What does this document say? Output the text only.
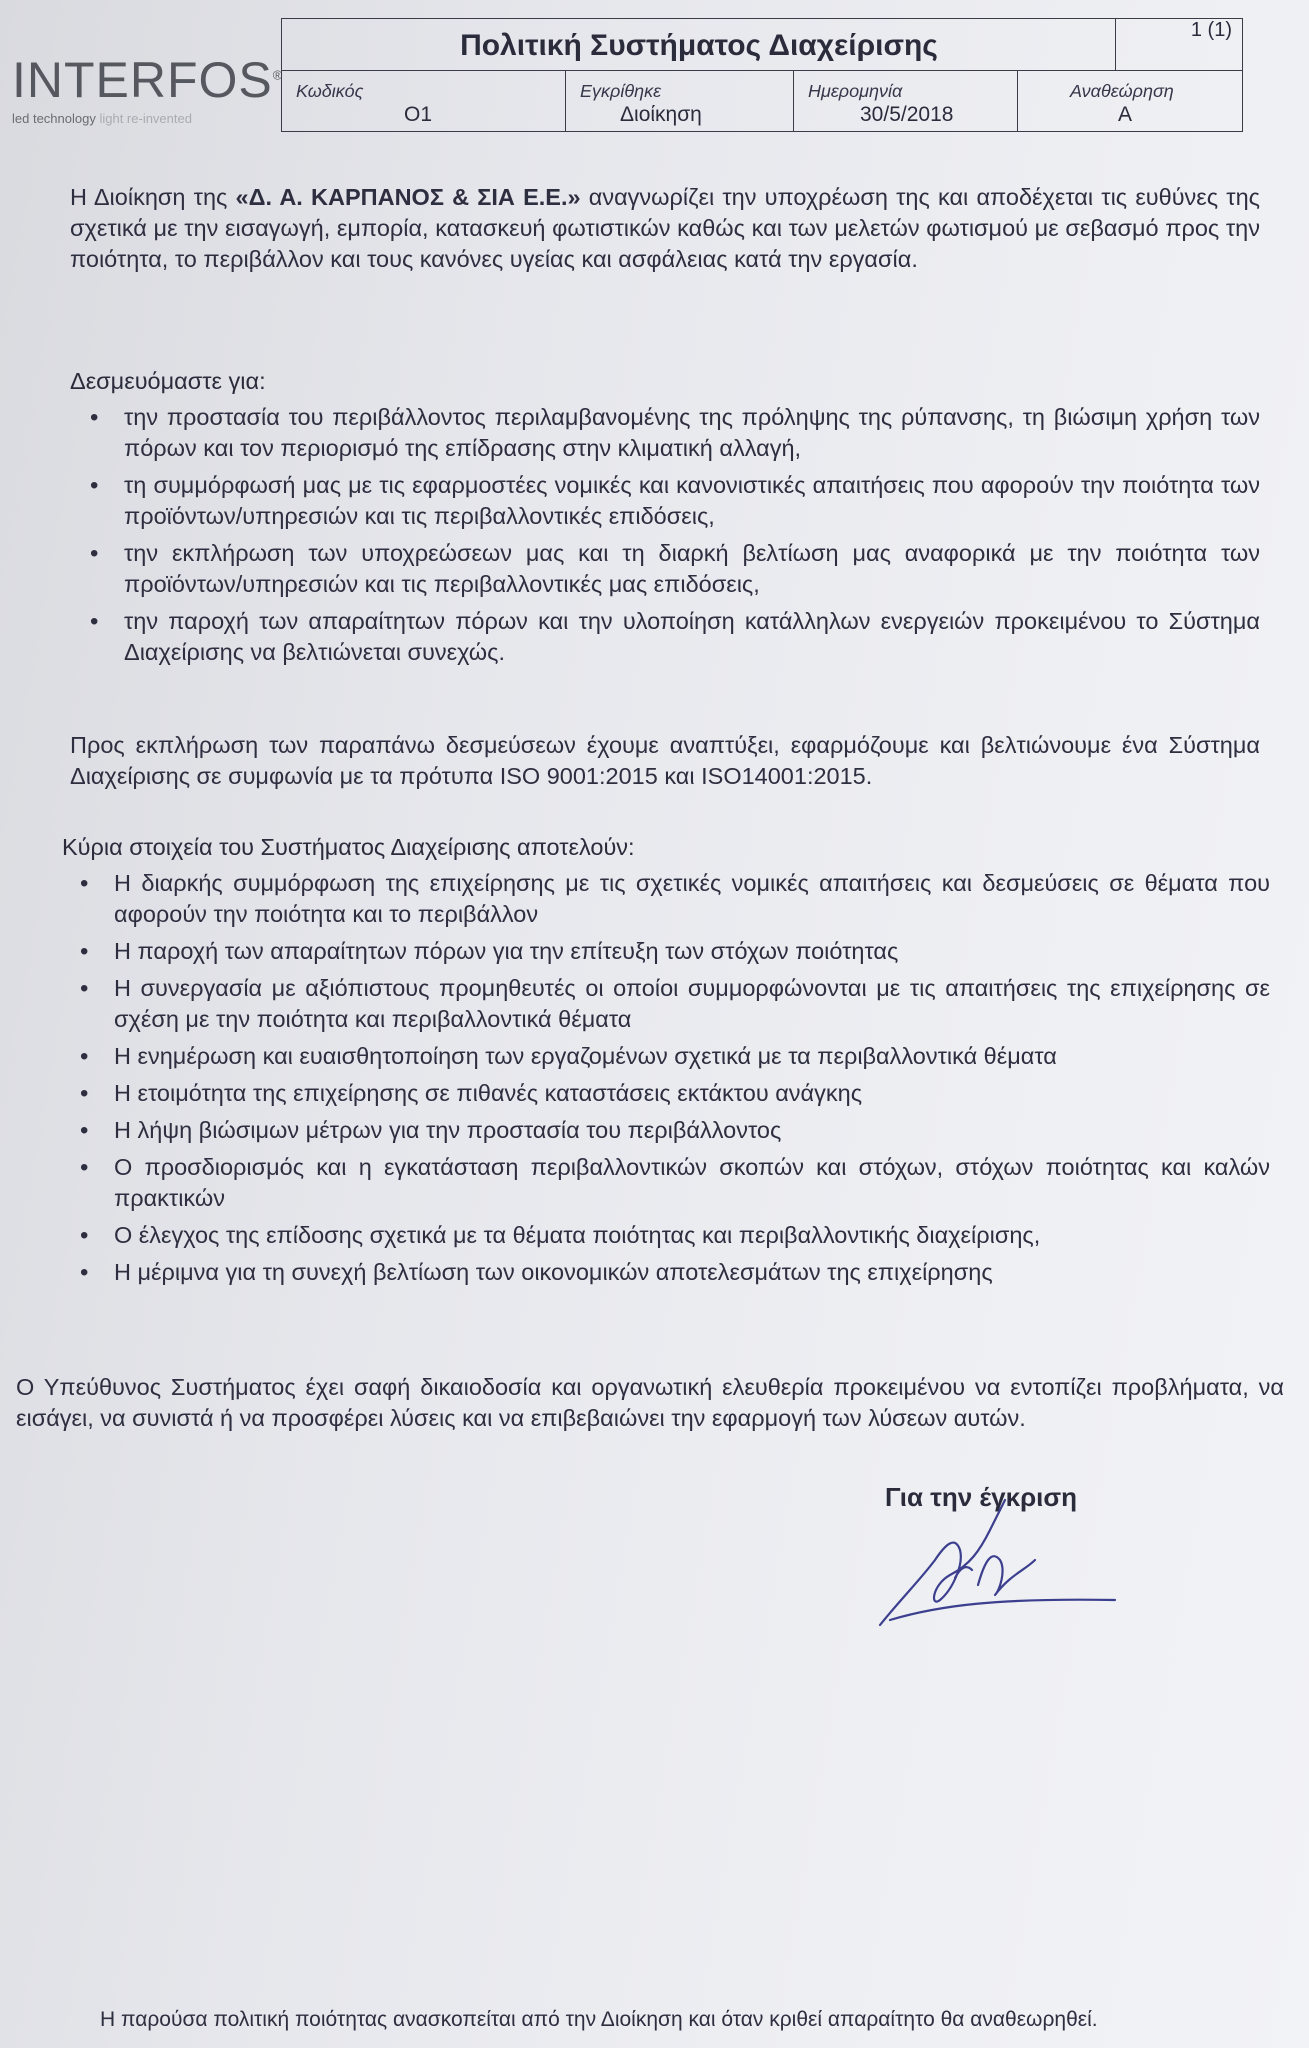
INTERFOS®
led technology light re-invented
Πολιτική Συστήματος Διαχείρισης	1 (1)
Κωδικός
Ο1
Εγκρίθηκε
Διοίκηση
Ημερομηνία
30/5/2018
Αναθεώρηση
Α
Η Διοίκηση της «Δ. Α. ΚΑΡΠΑΝΟΣ & ΣΙΑ Ε.Ε.» αναγνωρίζει την υποχρέωση της και αποδέχεται τις ευθύνες της σχετικά με την εισαγωγή, εμπορία, κατασκευή φωτιστικών καθώς και των μελετών φωτισμού με σεβασμό προς την ποιότητα, το περιβάλλον και τους κανόνες υγείας και ασφάλειας κατά την εργασία.
Δεσμευόμαστε για:
• την προστασία του περιβάλλοντος περιλαμβανομένης της πρόληψης της ρύπανσης, τη βιώσιμη χρήση των πόρων και τον περιορισμό της επίδρασης στην κλιματική αλλαγή,
• τη συμμόρφωσή μας με τις εφαρμοστέες νομικές και κανονιστικές απαιτήσεις που αφορούν την ποιότητα των προϊόντων/υπηρεσιών και τις περιβαλλοντικές επιδόσεις,
• την εκπλήρωση των υποχρεώσεων μας και τη διαρκή βελτίωση μας αναφορικά με την ποιότητα των προϊόντων/υπηρεσιών και τις περιβαλλοντικές μας επιδόσεις,
• την παροχή των απαραίτητων πόρων και την υλοποίηση κατάλληλων ενεργειών προκειμένου το Σύστημα Διαχείρισης να βελτιώνεται συνεχώς.
Προς εκπλήρωση των παραπάνω δεσμεύσεων έχουμε αναπτύξει, εφαρμόζουμε και βελτιώνουμε ένα Σύστημα Διαχείρισης σε συμφωνία με τα πρότυπα ISO 9001:2015 και ISO14001:2015.
Κύρια στοιχεία του Συστήματος Διαχείρισης αποτελούν:
• Η διαρκής συμμόρφωση της επιχείρησης με τις σχετικές νομικές απαιτήσεις και δεσμεύσεις σε θέματα που αφορούν την ποιότητα και το περιβάλλον
• Η παροχή των απαραίτητων πόρων για την επίτευξη των στόχων ποιότητας
• Η συνεργασία με αξιόπιστους προμηθευτές οι οποίοι συμμορφώνονται με τις απαιτήσεις της επιχείρησης σε σχέση με την ποιότητα και περιβαλλοντικά θέματα
• Η ενημέρωση και ευαισθητοποίηση των εργαζομένων σχετικά με τα περιβαλλοντικά θέματα
• Η ετοιμότητα της επιχείρησης σε πιθανές καταστάσεις εκτάκτου ανάγκης
• Η λήψη βιώσιμων μέτρων για την προστασία του περιβάλλοντος
• Ο προσδιορισμός και η εγκατάσταση περιβαλλοντικών σκοπών και στόχων, στόχων ποιότητας και καλών πρακτικών
• Ο έλεγχος της επίδοσης σχετικά με τα θέματα ποιότητας και περιβαλλοντικής διαχείρισης,
• Η μέριμνα για τη συνεχή βελτίωση των οικονομικών αποτελεσμάτων της επιχείρησης
Ο Υπεύθυνος Συστήματος έχει σαφή δικαιοδοσία και οργανωτική ελευθερία προκειμένου να εντοπίζει προβλήματα, να εισάγει, να συνιστά ή να προσφέρει λύσεις και να επιβεβαιώνει την εφαρμογή των λύσεων αυτών.
Για την έγκριση
Η παρούσα πολιτική ποιότητας ανασκοπείται από την Διοίκηση και όταν κριθεί απαραίτητο θα αναθεωρηθεί.
